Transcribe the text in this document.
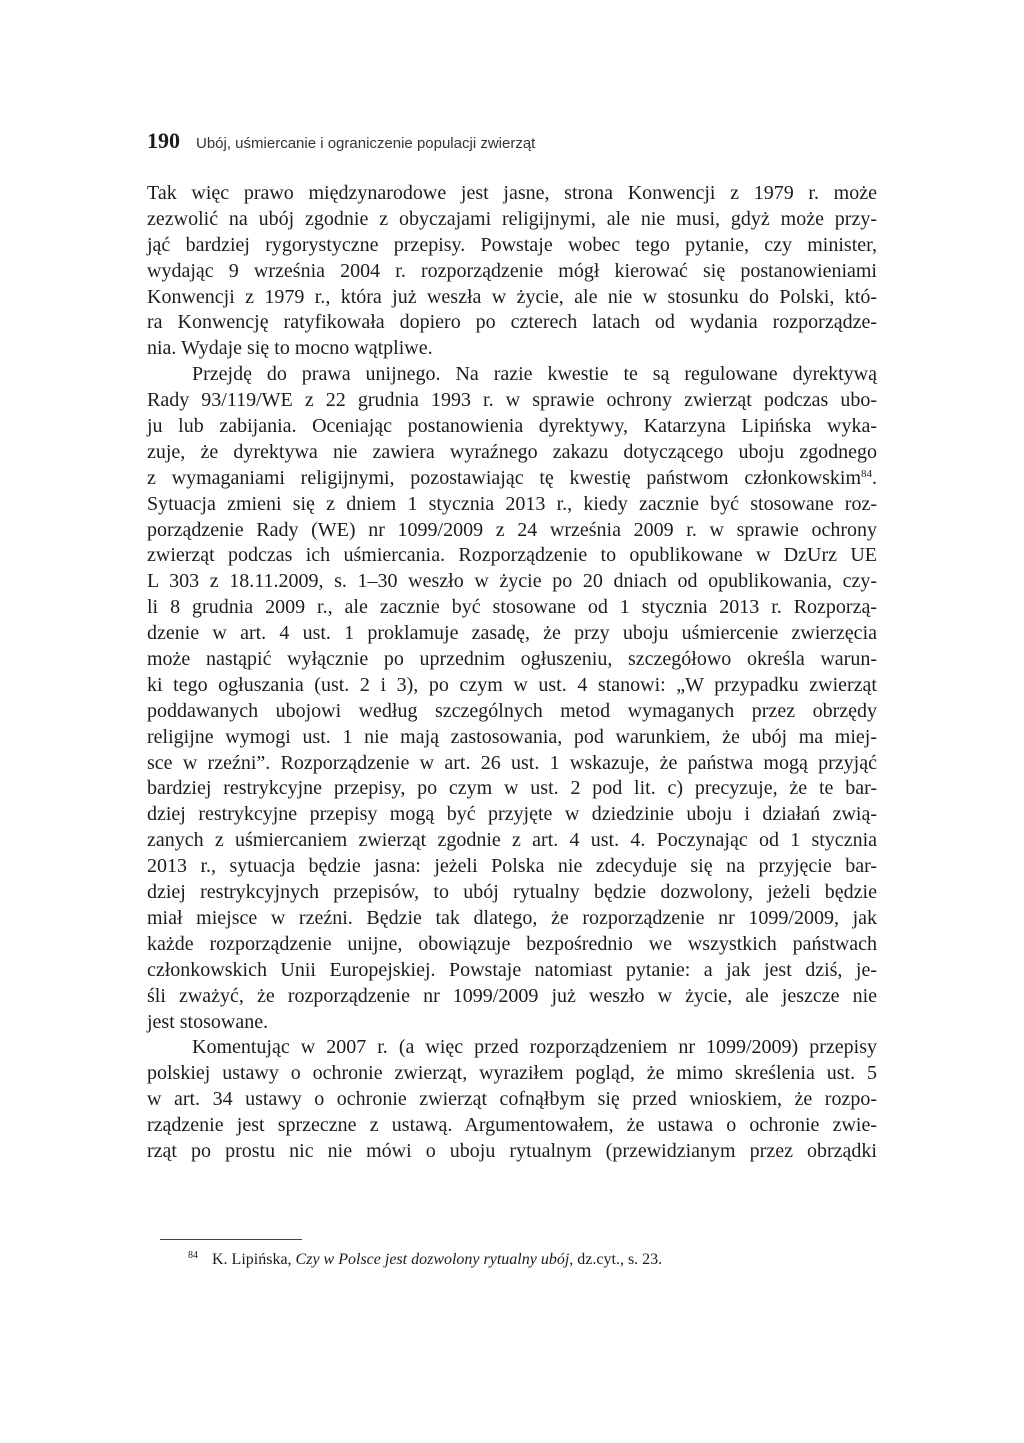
190 Ubój, uśmiercanie i ograniczenie populacji zwierząt
Tak więc prawo międzynarodowe jest jasne, strona Konwencji z 1979 r. może
zezwolić na ubój zgodnie z obyczajami religijnymi, ale nie musi, gdyż może przy-
jąć bardziej rygorystyczne przepisy. Powstaje wobec tego pytanie, czy minister,
wydając 9 września 2004 r. rozporządzenie mógł kierować się postanowieniami
Konwencji z 1979 r., która już weszła w życie, ale nie w stosunku do Polski, któ-
ra Konwencję ratyfikowała dopiero po czterech latach od wydania rozporządze-
nia. Wydaje się to mocno wątpliwe.
Przejdę do prawa unijnego. Na razie kwestie te są regulowane dyrektywą
Rady 93/119/WE z 22 grudnia 1993 r. w sprawie ochrony zwierząt podczas ubo-
ju lub zabijania. Oceniając postanowienia dyrektywy, Katarzyna Lipińska wyka-
zuje, że dyrektywa nie zawiera wyraźnego zakazu dotyczącego uboju zgodnego
z wymaganiami religijnymi, pozostawiając tę kwestię państwom członkowskim$^{84}$.
Sytuacja zmieni się z dniem 1 stycznia 2013 r., kiedy zacznie być stosowane roz-
porządzenie Rady (WE) nr 1099/2009 z 24 września 2009 r. w sprawie ochrony
zwierząt podczas ich uśmiercania. Rozporządzenie to opublikowane w DzUrz UE
L 303 z 18.11.2009, s. 1–30 weszło w życie po 20 dniach od opublikowania, czy-
li 8 grudnia 2009 r., ale zacznie być stosowane od 1 stycznia 2013 r. Rozporzą-
dzenie w art. 4 ust. 1 proklamuje zasadę, że przy uboju uśmiercenie zwierzęcia
może nastąpić wyłącznie po uprzednim ogłuszeniu, szczegółowo określa warun-
ki tego ogłuszania (ust. 2 i 3), po czym w ust. 4 stanowi: „W przypadku zwierząt
poddawanych ubojowi według szczególnych metod wymaganych przez obrzędy
religijne wymogi ust. 1 nie mają zastosowania, pod warunkiem, że ubój ma miej-
sce w rzeźni”. Rozporządzenie w art. 26 ust. 1 wskazuje, że państwa mogą przyjąć
bardziej restrykcyjne przepisy, po czym w ust. 2 pod lit. c) precyzuje, że te bar-
dziej restrykcyjne przepisy mogą być przyjęte w dziedzinie uboju i działań zwią-
zanych z uśmiercaniem zwierząt zgodnie z art. 4 ust. 4. Poczynając od 1 stycznia
2013 r., sytuacja będzie jasna: jeżeli Polska nie zdecyduje się na przyjęcie bar-
dziej restrykcyjnych przepisów, to ubój rytualny będzie dozwolony, jeżeli będzie
miał miejsce w rzeźni. Będzie tak dlatego, że rozporządzenie nr 1099/2009, jak
każde rozporządzenie unijne, obowiązuje bezpośrednio we wszystkich państwach
członkowskich Unii Europejskiej. Powstaje natomiast pytanie: a jak jest dziś, je-
śli zważyć, że rozporządzenie nr 1099/2009 już weszło w życie, ale jeszcze nie
jest stosowane.
Komentując w 2007 r. (a więc przed rozporządzeniem nr 1099/2009) przepisy
polskiej ustawy o ochronie zwierząt, wyraziłem pogląd, że mimo skreślenia ust. 5
w art. 34 ustawy o ochronie zwierząt cofnąłbym się przed wnioskiem, że rozpo-
rządzenie jest sprzeczne z ustawą. Argumentowałem, że ustawa o ochronie zwie-
rząt po prostu nic nie mówi o uboju rytualnym (przewidzianym przez obrządki
$^{84}$ K. Lipińska, Czy w Polsce jest dozwolony rytualny ubój, dz.cyt., s. 23.
